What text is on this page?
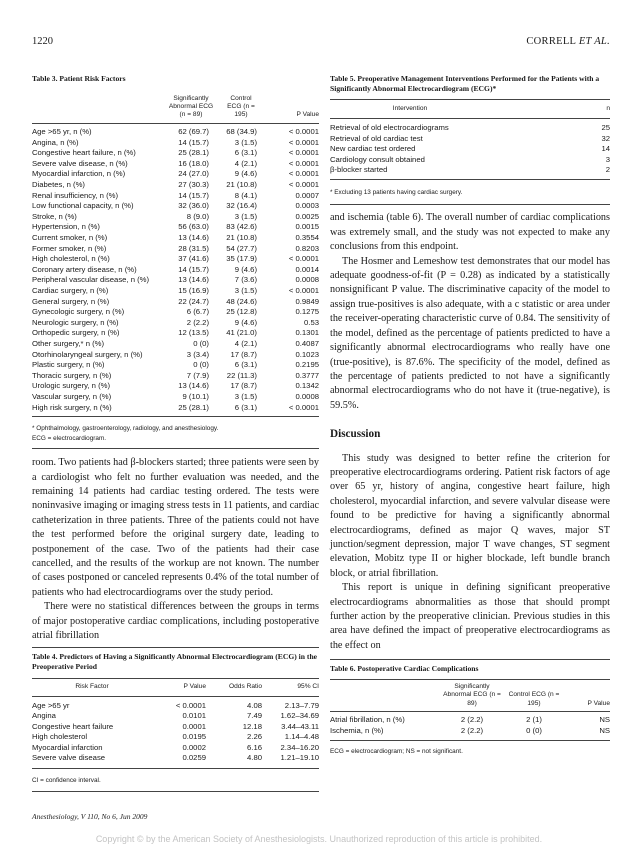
1220	CORRELL ET AL.
Table 3. Patient Risk Factors
	Significantly Abnormal ECG (n = 89)	Control ECG (n = 195)	P Value

Age >65 yr, n (%)	62 (69.7)	68 (34.9)	< 0.0001
Angina, n (%)	14 (15.7)	3 (1.5)	< 0.0001
Congestive heart failure, n (%)	25 (28.1)	6 (3.1)	< 0.0001
Severe valve disease, n (%)	16 (18.0)	4 (2.1)	< 0.0001
Myocardial infarction, n (%)	24 (27.0)	9 (4.6)	< 0.0001
Diabetes, n (%)	27 (30.3)	21 (10.8)	< 0.0001
Renal insufficiency, n (%)	14 (15.7)	8 (4.1)	0.0007
Low functional capacity, n (%)	32 (36.0)	32 (16.4)	0.0003
Stroke, n (%)	8 (9.0)	3 (1.5)	0.0025
Hypertension, n (%)	56 (63.0)	83 (42.6)	0.0015
Current smoker, n (%)	13 (14.6)	21 (10.8)	0.3554
Former smoker, n (%)	28 (31.5)	54 (27.7)	0.8203
High cholesterol, n (%)	37 (41.6)	35 (17.9)	< 0.0001
Coronary artery disease, n (%)	14 (15.7)	9 (4.6)	0.0014
Peripheral vascular disease, n (%)	13 (14.6)	7 (3.6)	0.0008
Cardiac surgery, n (%)	15 (16.9)	3 (1.5)	< 0.0001
General surgery, n (%)	22 (24.7)	48 (24.6)	0.9849
Gynecologic surgery, n (%)	6 (6.7)	25 (12.8)	0.1275
Neurologic surgery, n (%)	2 (2.2)	9 (4.6)	0.53
Orthopedic surgery, n (%)	12 (13.5)	41 (21.0)	0.1301
Other surgery,* n (%)	0 (0)	4 (2.1)	0.4087
Otorhinolaryngeal surgery, n (%)	3 (3.4)	17 (8.7)	0.1023
Plastic surgery, n (%)	0 (0)	6 (3.1)	0.2195
Thoracic surgery, n (%)	7 (7.9)	22 (11.3)	0.3777
Urologic surgery, n (%)	13 (14.6)	17 (8.7)	0.1342
Vascular surgery, n (%)	9 (10.1)	3 (1.5)	0.0008
High risk surgery, n (%)	25 (28.1)	6 (3.1)	< 0.0001
* Ophthalmology, gastroenterology, radiology, and anesthesiology.
ECG = electrocardiogram.

room. Two patients had β-blockers started; three patients were seen by a cardiologist who felt no further evaluation was needed, and the remaining 14 patients had cardiac testing ordered. The tests were noninvasive imaging or imaging stress tests in 11 patients, and cardiac catheterization in three patients. Three of the patients could not have the test performed before the original surgery date, leading to postponement of the case. Two of the patients had their case cancelled, and the results of the workup are not known. The number of cases postponed or canceled represents 0.4% of the total number of patients who had electrocardiograms over the study period.

There were no statistical differences between the groups in terms of major postoperative cardiac complications, including postoperative atrial fibrillation

Table 4. Predictors of Having a Significantly Abnormal Electrocardiogram (ECG) in the Preoperative Period
Risk Factor	P Value	Odds Ratio	95% CI
Age >65 yr	< 0.0001	4.08	2.13–7.79
Angina	0.0101	7.49	1.62–34.69
Congestive heart failure	0.0001	12.18	3.44–43.11
High cholesterol	0.0195	2.26	1.14–4.48
Myocardial infarction	0.0002	6.16	2.34–16.20
Severe valve disease	0.0259	4.80	1.21–19.10
CI = confidence interval.
Table 5. Preoperative Management Interventions Performed for the Patients with a Significantly Abnormal Electrocardiogram (ECG)*
Intervention	n
Retrieval of old electrocardiograms	25
Retrieval of old cardiac test	32
New cardiac test ordered	14
Cardiology consult obtained	3
β-blocker started	2
* Excluding 13 patients having cardiac surgery.

and ischemia (table 6). The overall number of cardiac complications was extremely small, and the study was not expected to make any conclusions from this endpoint.

The Hosmer and Lemeshow test demonstrates that our model has adequate goodness-of-fit (P = 0.28) as indicated by a statistically nonsignificant P value. The discriminative capacity of the model to assign true-positives is also adequate, with a c statistic or area under the receiver-operating characteristic curve of 0.84. The sensitivity of the model, defined as the percentage of patients predicted to have a significantly abnormal electrocardiograms who really have one (true-positive), is 87.6%. The specificity of the model, defined as the percentage of patients predicted to not have a significantly abnormal electrocardiograms who do not have it (true-negative), is 59.5%.

Discussion

This study was designed to better refine the criterion for preoperative electrocardiograms ordering. Patient risk factors of age over 65 yr, history of angina, congestive heart failure, high cholesterol, myocardial infarction, and severe valvular disease were found to be predictive for having a significantly abnormal electrocardiograms, defined as major Q waves, major ST junction/segment depression, major T wave changes, ST segment elevation, Mobitz type II or higher blockade, left bundle branch block, or atrial fibrillation.

This report is unique in defining significant preoperative electrocardiograms abnormalities as those that should prompt further action by the preoperative clinician. Previous studies in this area have defined the impact of preoperative electrocardiograms as the effect on

Table 6. Postoperative Cardiac Complications
	Significantly Abnormal ECG (n = 89)	Control ECG (n = 195)	P Value

Atrial fibrillation, n (%)	2 (2.2)	2 (1)	NS
Ischemia, n (%)	2 (2.2)	0 (0)	NS
ECG = electrocardiogram; NS = not significant.
Anesthesiology, V 110, No 6, Jun 2009
Copyright © by the American Society of Anesthesiologists. Unauthorized reproduction of this article is prohibited.
